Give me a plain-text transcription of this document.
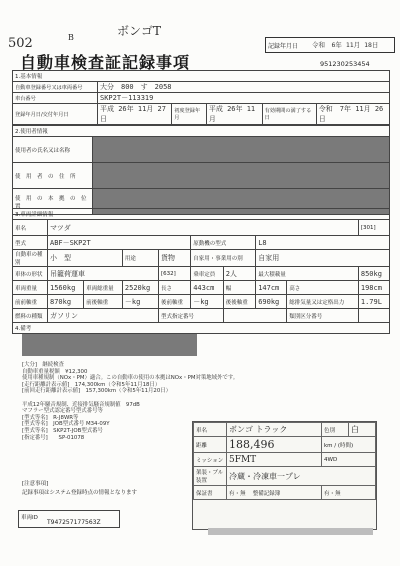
502	B	ボンゴT
自動車検査証記録事項
記録年月日 令和　6年 11月 18日
951230253454
1.基本情報					
自動車登録番号又は車両番号	大分　800　す　2058				
車台番号	SKP2T－113319				
登録年月日/交付年月日	平成 26年 11月 27日	初度登録年月	平成 26年 11月	有効期間の満了する日	令和　7年 11月 26日
2.使用者情報	
使用者の氏名又は名称	
使　用　者　の　住　所	
使　用　の　本　拠　の　位　置	
3.車両詳細情報									
車名	マツダ								[301]
型式	ABF－SKP2T				原動機の型式		L8		
自動車の種別	小　型		用途	貨物	自家用・事業用の別		自家用		
車体の形状	吊籠荷運車			[632]	乗車定員	2人	最大積載量		850kg
車両重量	1560kg	車両総重量	2520kg	長さ	443cm	幅	147cm	高さ	198cm
前前軸重	870kg	前後軸重	－kg	後前軸重	－kg	後後軸重	690kg	総排気量又は定格出力	1.79L
燃料の種類	ガソリン			型式指定番号				類別区分番号	
4.備考									
[大分]　継続検査
自動車重量税額　¥12,300
使用車種規制（NOx・PM）適合。この自動車の使用の本拠はNOx・PM対策地域外です。
[走行距離計表示値]　174,300km（令和5年11月18日）
[前回走行距離計表示値]　157,300km（令和5年11月20日）

平成12年騒音規制、近接排気騒音規制値　97dB
マフラー型式認定番号型式番号等
[型式等名]　R-J8WR等
[型式等名]　JOB型式番号 M34-09Y
[型式等名]　SKP2T-JOB型式番号
[指定番号]　　SP-01078
[注意事項]
記録事項はシステム登録時点の情報となります
車両ID
T947257177563Z
車名	ボンゴ トラック	色別	白
距離	188,496	km / (時間)	
ミッション	5FMT	4WD	
架装・ブル装置	冷蔵・冷凍車一プレ		
保証書	有・無 　 整備記録簿	有・無	
